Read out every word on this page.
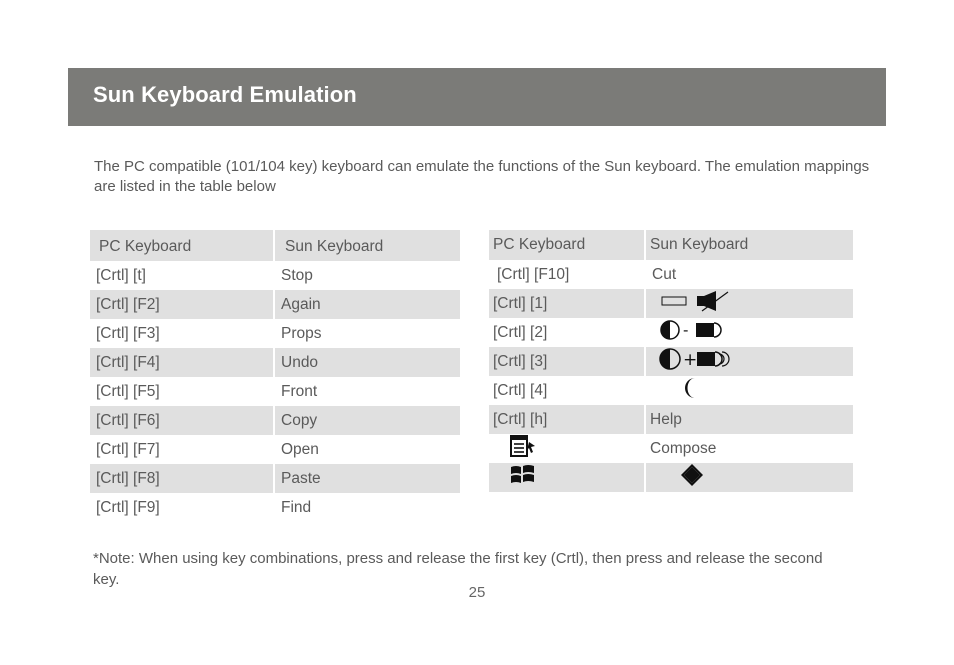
Sun Keyboard Emulation

The PC compatible (101/104 key) keyboard can emulate the functions of the Sun keyboard. The emulation mappings are listed in the table below

PC Keyboard	Sun Keyboard
[Crtl] [t]	Stop
[Crtl] [F2]	Again
[Crtl] [F3]	Props
[Crtl] [F4]	Undo
[Crtl] [F5]	Front
[Crtl] [F6]	Copy
[Crtl] [F7]	Open
[Crtl] [F8]	Paste
[Crtl] [F9]	Find
PC Keyboard	Sun Keyboard
[Crtl] [F10]	Cut
[Crtl] [1]	
[Crtl] [2]	-

[Crtl] [3]	+

[Crtl] [4]	
[Crtl] [h]	Help
	Compose

*Note: When using key combinations, press and release the first key (Crtl), then press and release the second key.

25
